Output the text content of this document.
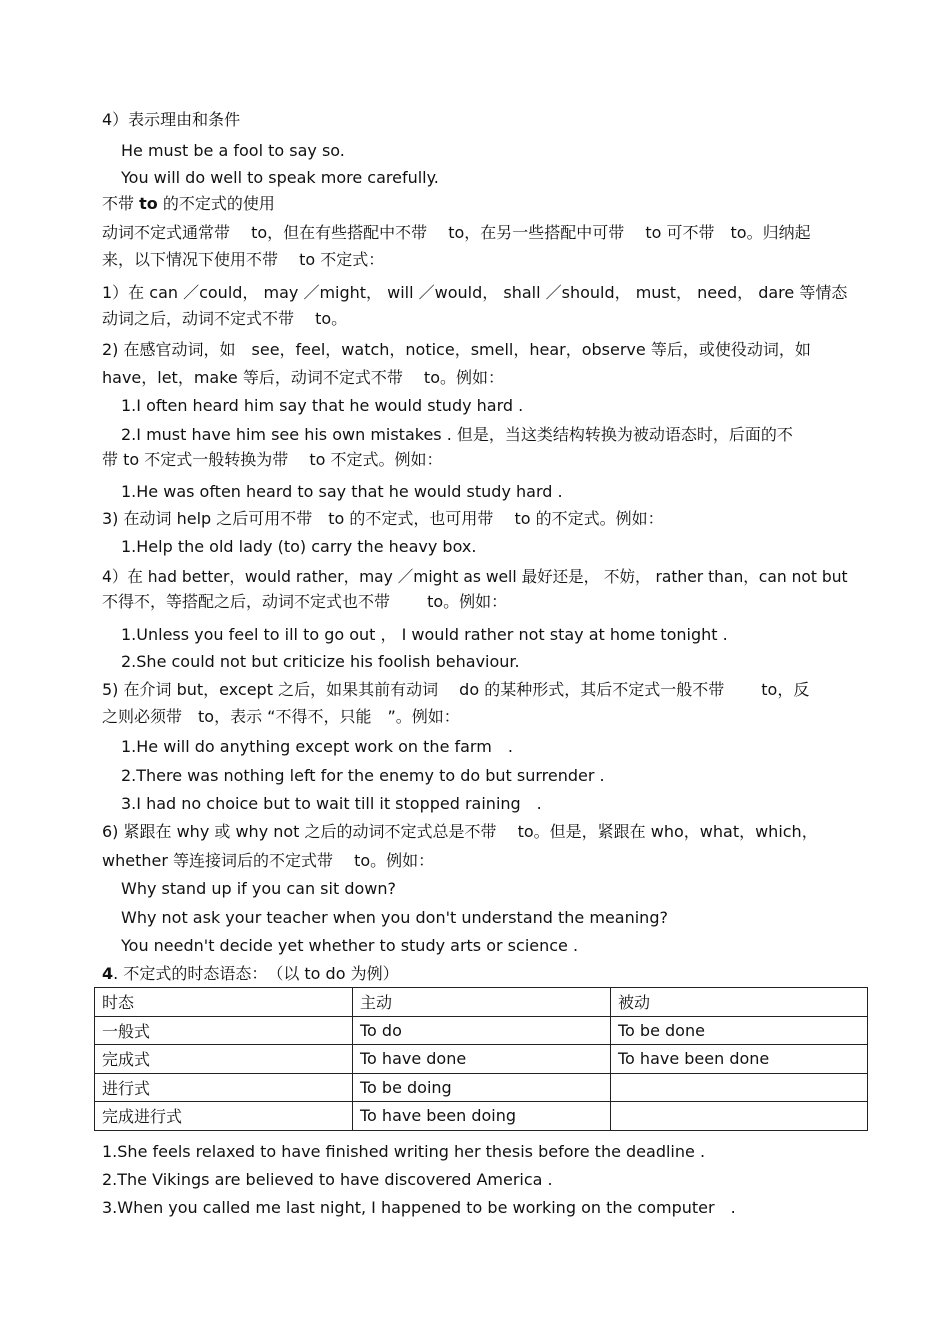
4）表示理由和条件
He must be a fool to say so.
You will do well to speak more carefully.
不带 to 的不定式的使用
动词不定式通常带　 to，但在有些搭配中不带　 to，在另一些搭配中可带　 to 可不带　to。归纳起
来，以下情况下使用不带　 to 不定式：
1）在 can ／could， may ／might， will ／would， shall ／should， must， need， dare 等情态
动词之后，动词不定式不带　 to。
2) 在感官动词，如　see，feel，watch，notice，smell，hear，observe 等后，或使役动词，如
have，let，make 等后，动词不定式不带　 to。例如：
1.I often heard him say that he would study hard .
2.I must have him see his own mistakes . 但是，当这类结构转换为被动语态时，后面的不
带 to 不定式一般转换为带　 to 不定式。例如：
1.He was often heard to say that he would study hard .
3) 在动词 help 之后可用不带　to 的不定式，也可用带　 to 的不定式。例如：
1.Help the old lady (to) carry the heavy box.
4）在 had better，would rather，may ／might as well 最好还是， 不妨， rather than，can not but
不得不，等搭配之后，动词不定式也不带　　 to。例如：
1.Unless you feel to ill to go out ， I would rather not stay at home tonight .
2.She could not but criticize his foolish behaviour.
5) 在介词 but，except 之后，如果其前有动词　 do 的某种形式，其后不定式一般不带　　 to，反
之则必须带　to，表示 “不得不，只能　”。例如：
1.He will do anything except work on the farm　.
2.There was nothing left for the enemy to do but surrender .
3.I had no choice but to wait till it stopped raining　.
6) 紧跟在 why 或 why not 之后的动词不定式总是不带　 to。但是，紧跟在 who，what，which，
whether 等连接词后的不定式带　 to。例如：
Why stand up if you can sit down?
Why not ask your teacher when you don't understand the meaning?
You needn't decide yet whether to study arts or science .
4. 不定式的时态语态：　（以 to do 为例）
时态	主动	被动
一般式	To do	To be done
完成式	To have done	To have been done
进行式	To be doing	
完成进行式	To have been doing	
1.She feels relaxed to have finished writing her thesis before the deadline .
2.The Vikings are believed to have discovered America .
3.When you called me last night, I happened to be working on the computer　.
